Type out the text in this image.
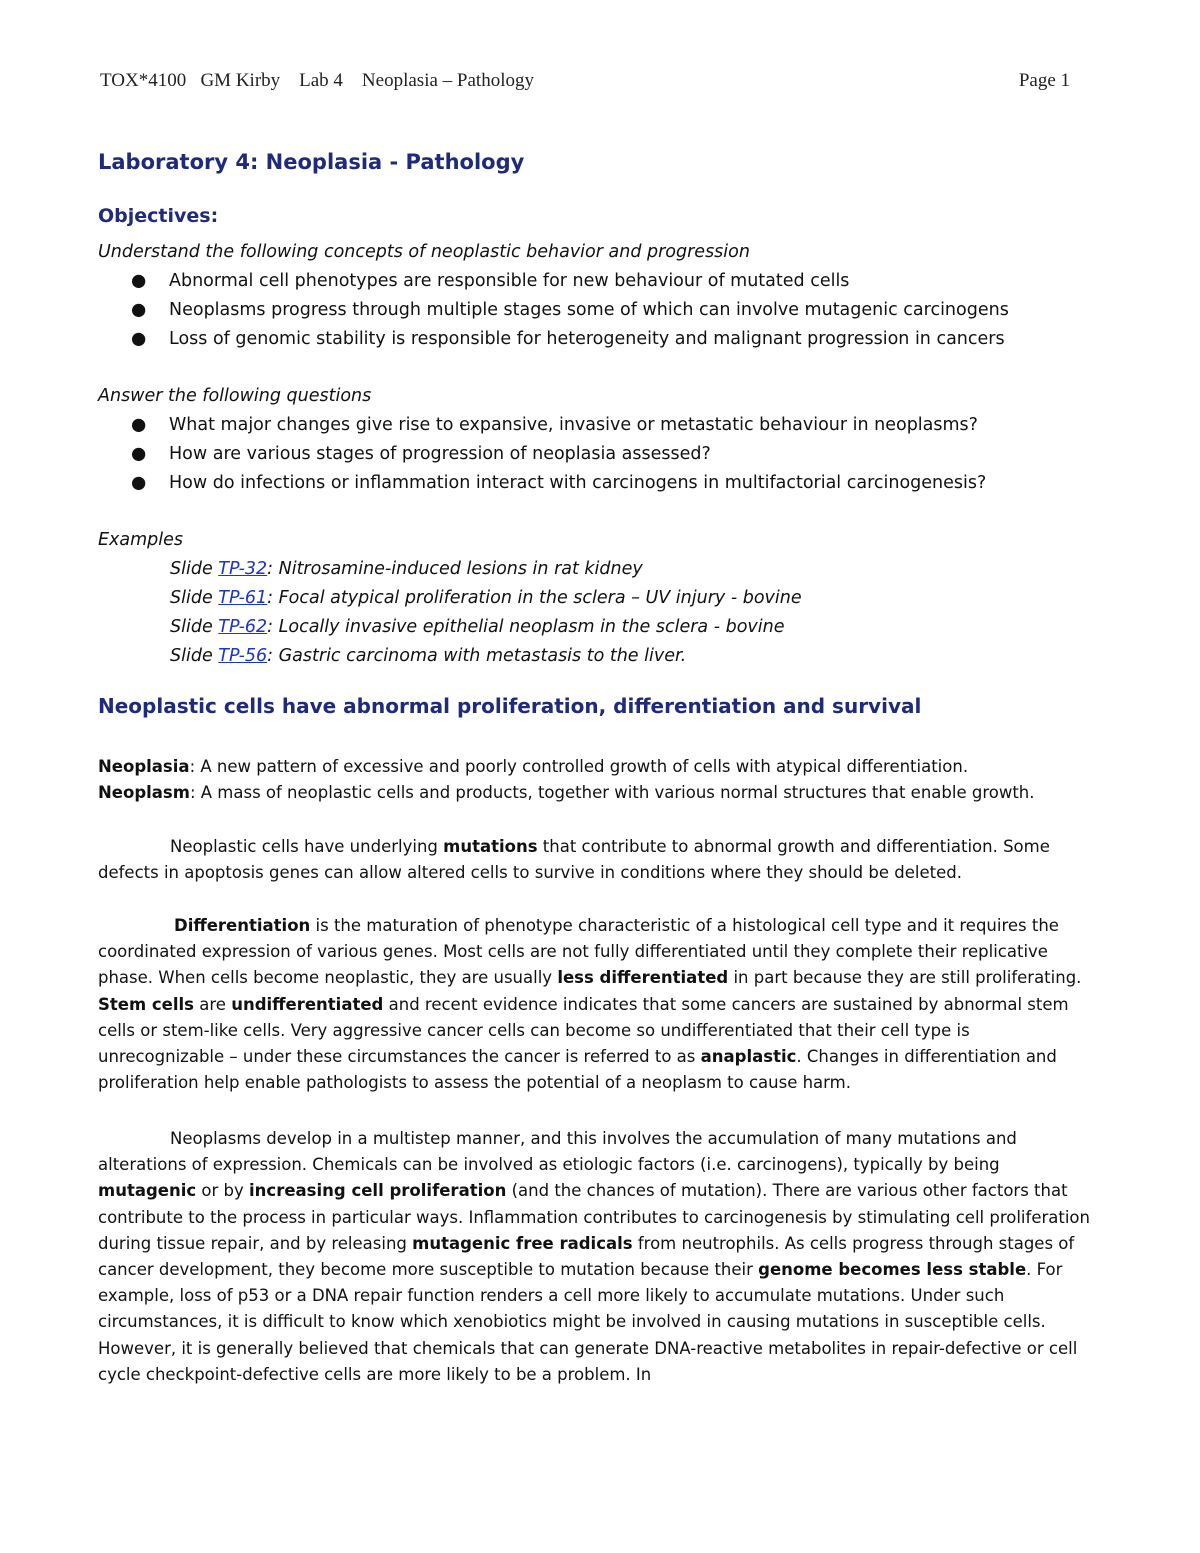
TOX*4100   GM Kirby    Lab 4    Neoplasia – Pathology	Page 1
Laboratory 4: Neoplasia - Pathology
Objectives:
Understand the following concepts of neoplastic behavior and progression
● Abnormal cell phenotypes are responsible for new behaviour of mutated cells
● Neoplasms progress through multiple stages some of which can involve mutagenic carcinogens
● Loss of genomic stability is responsible for heterogeneity and malignant progression in cancers
Answer the following questions
● What major changes give rise to expansive, invasive or metastatic behaviour in neoplasms?
● How are various stages of progression of neoplasia assessed?
● How do infections or inflammation interact with carcinogens in multifactorial carcinogenesis?
Examples
Slide TP-32: Nitrosamine-induced lesions in rat kidney
Slide TP-61: Focal atypical proliferation in the sclera – UV injury - bovine
Slide TP-62: Locally invasive epithelial neoplasm in the sclera - bovine
Slide TP-56: Gastric carcinoma with metastasis to the liver.
Neoplastic cells have abnormal proliferation, differentiation and survival
Neoplasia: A new pattern of excessive and poorly controlled growth of cells with atypical differentiation.
Neoplasm: A mass of neoplastic cells and products, together with various normal structures that enable growth.
Neoplastic cells have underlying mutations that contribute to abnormal growth and differentiation. Some defects in apoptosis genes can allow altered cells to survive in conditions where they should be deleted.
Differentiation is the maturation of phenotype characteristic of a histological cell type and it requires the coordinated expression of various genes. Most cells are not fully differentiated until they complete their replicative phase. When cells become neoplastic, they are usually less differentiated in part because they are still proliferating. Stem cells are undifferentiated and recent evidence indicates that some cancers are sustained by abnormal stem cells or stem-like cells. Very aggressive cancer cells can become so undifferentiated that their cell type is unrecognizable – under these circumstances the cancer is referred to as anaplastic. Changes in differentiation and proliferation help enable pathologists to assess the potential of a neoplasm to cause harm.
Neoplasms develop in a multistep manner, and this involves the accumulation of many mutations and alterations of expression. Chemicals can be involved as etiologic factors (i.e. carcinogens), typically by being mutagenic or by increasing cell proliferation (and the chances of mutation). There are various other factors that contribute to the process in particular ways. Inflammation contributes to carcinogenesis by stimulating cell proliferation during tissue repair, and by releasing mutagenic free radicals from neutrophils. As cells progress through stages of cancer development, they become more susceptible to mutation because their genome becomes less stable. For example, loss of p53 or a DNA repair function renders a cell more likely to accumulate mutations. Under such circumstances, it is difficult to know which xenobiotics might be involved in causing mutations in susceptible cells. However, it is generally believed that chemicals that can generate DNA-reactive metabolites in repair-defective or cell cycle checkpoint-defective cells are more likely to be a problem. In
